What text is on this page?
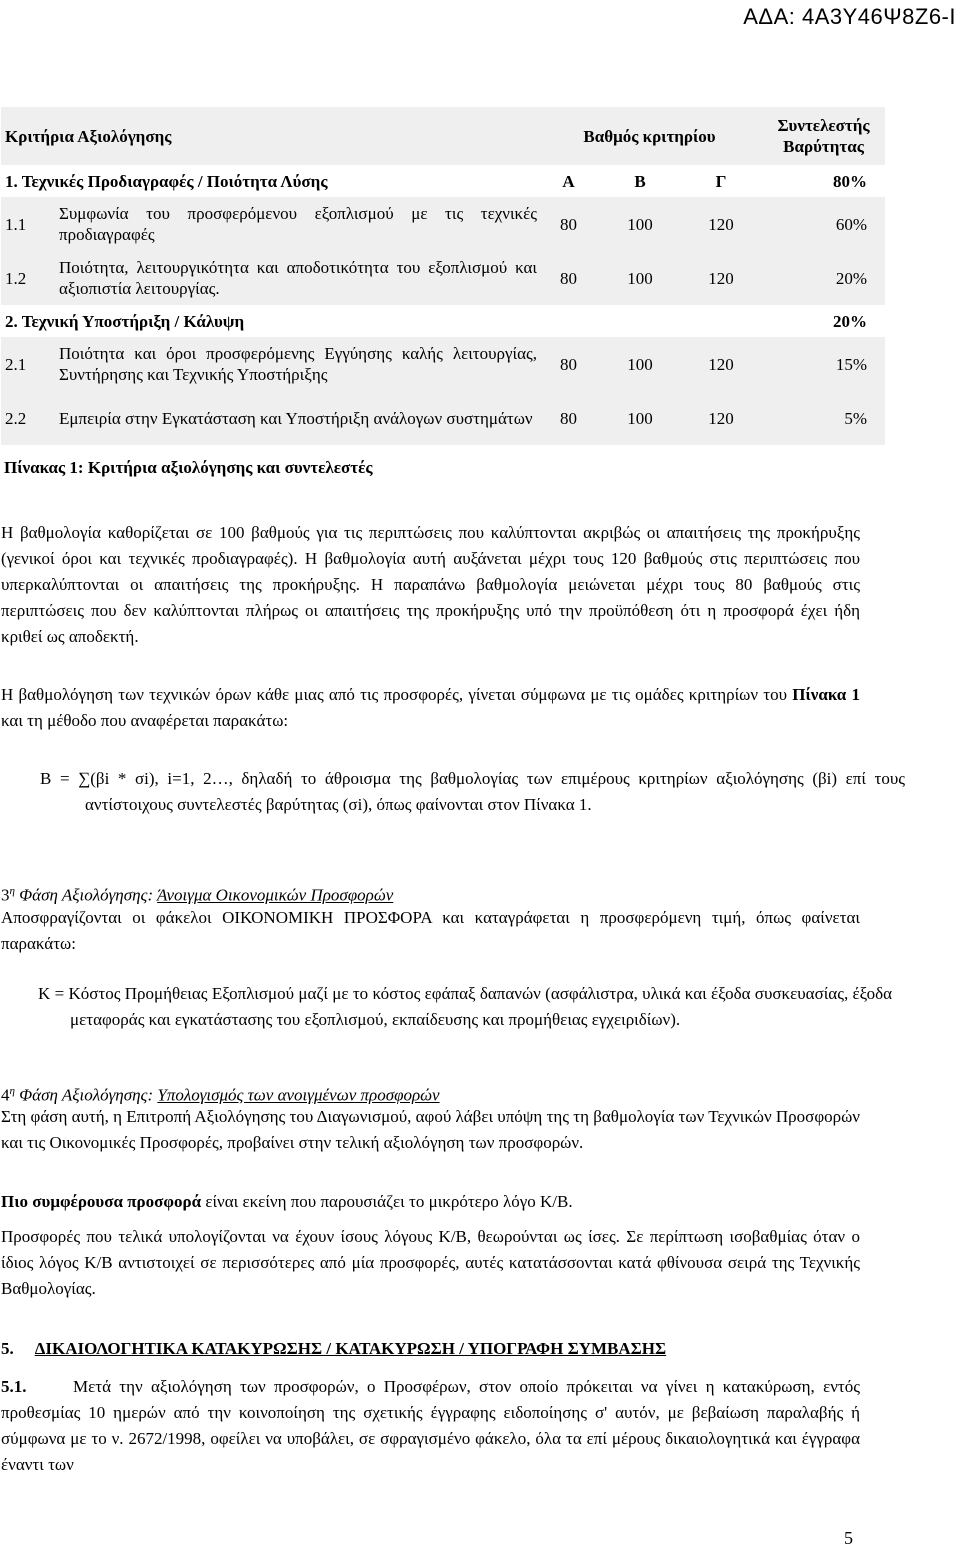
ΑΔΑ: 4Α3Υ46Ψ8Ζ6-Ι
Κριτήρια Αξιολόγησης		Βαθμός κριτηρίου			Συντελεστής Βαρύτητας
1. Τεχνικές Προδιαγραφές / Ποιότητα Λύσης		Α	Β	Γ	80%
1.1	Συμφωνία του προσφερόμενου εξοπλισμού με τις τεχνικές προδιαγραφές	80	100	120	60%
1.2	Ποιότητα, λειτουργικότητα και αποδοτικότητα του εξοπλισμού και αξιοπιστία λειτουργίας.	80	100	120	20%
2. Τεχνική Υποστήριξη / Κάλυψη					20%
2.1	Ποιότητα και όροι προσφερόμενης Εγγύησης καλής λειτουργίας, Συντήρησης και Τεχνικής Υποστήριξης	80	100	120	15%
2.2	Εμπειρία στην Εγκατάσταση και Υποστήριξη ανάλογων συστημάτων	80	100	120	5%
Πίνακας 1: Κριτήρια αξιολόγησης και συντελεστές

Η βαθμολογία καθορίζεται σε 100 βαθμούς για τις περιπτώσεις που καλύπτονται ακριβώς οι απαιτήσεις της προκήρυξης (γενικοί όροι και τεχνικές προδιαγραφές). Η βαθμολογία αυτή αυξάνεται μέχρι τους 120 βαθμούς στις περιπτώσεις που υπερκαλύπτονται οι απαιτήσεις της προκήρυξης. Η παραπάνω βαθμολογία μειώνεται μέχρι τους 80 βαθμούς στις περιπτώσεις που δεν καλύπτονται πλήρως οι απαιτήσεις της προκήρυξης υπό την προϋπόθεση ότι η προσφορά έχει ήδη κριθεί ως αποδεκτή.

Η βαθμολόγηση των τεχνικών όρων κάθε μιας από τις προσφορές, γίνεται σύμφωνα με τις ομάδες κριτηρίων του Πίνακα 1 και τη μέθοδο που αναφέρεται παρακάτω:

Β = ∑(βi * σi), i=1, 2…, δηλαδή το άθροισμα της βαθμολογίας των επιμέρους κριτηρίων αξιολόγησης (βi) επί τους αντίστοιχους συντελεστές βαρύτητας (σi), όπως φαίνονται στον Πίνακα 1.

$3^\eta$ Φάση Αξιολόγησης: Άνοιγμα Οικονομικών Προσφορών

Αποσφραγίζονται οι φάκελοι ΟΙΚΟΝΟΜΙΚΗ ΠΡΟΣΦΟΡΑ και καταγράφεται η προσφερόμενη τιμή, όπως φαίνεται παρακάτω:

Κ = Κόστος Προμήθειας Εξοπλισμού μαζί με το κόστος εφάπαξ δαπανών (ασφάλιστρα, υλικά και έξοδα συσκευασίας, έξοδα μεταφοράς και εγκατάστασης του εξοπλισμού, εκπαίδευσης και προμήθειας εγχειριδίων).

$4^\eta$ Φάση Αξιολόγησης: Υπολογισμός των ανοιγμένων προσφορών

Στη φάση αυτή, η Επιτροπή Αξιολόγησης του Διαγωνισμού, αφού λάβει υπόψη της τη βαθμολογία των Τεχνικών Προσφορών και τις Οικονομικές Προσφορές, προβαίνει στην τελική αξιολόγηση των προσφορών.

Πιο συμφέρουσα προσφορά είναι εκείνη που παρουσιάζει το μικρότερο λόγο Κ/Β.

Προσφορές που τελικά υπολογίζονται να έχουν ίσους λόγους Κ/Β, θεωρούνται ως ίσες. Σε περίπτωση ισοβαθμίας όταν ο ίδιος λόγος Κ/Β αντιστοιχεί σε περισσότερες από μία προσφορές, αυτές κατατάσσονται κατά φθίνουσα σειρά της Τεχνικής Βαθμολογίας.

5. ΔΙΚΑΙΟΛΟΓΗΤΙΚΑ ΚΑΤΑΚΥΡΩΣΗΣ / ΚΑΤΑΚΥΡΩΣΗ / ΥΠΟΓΡΑΦΗ ΣΥΜΒΑΣΗΣ

5.1.	Μετά την αξιολόγηση των προσφορών, ο Προσφέρων, στον οποίο πρόκειται να γίνει η κατακύρωση, εντός προθεσμίας 10 ημερών από την κοινοποίηση της σχετικής έγγραφης ειδοποίησης σ' αυτόν, με βεβαίωση παραλαβής ή σύμφωνα με το ν. 2672/1998, οφείλει να υποβάλει, σε σφραγισμένο φάκελο, όλα τα επί μέρους δικαιολογητικά και έγγραφα έναντι των

5
